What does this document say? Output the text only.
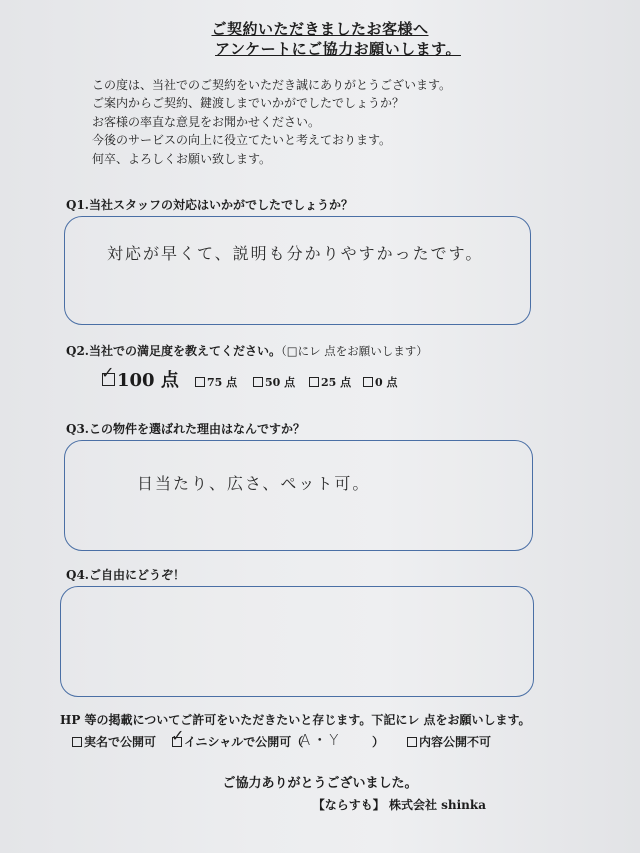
ご契約いただきましたお客様へ
アンケートにご協力お願いします。
この度は、当社でのご契約をいただき誠にありがとうございます。
ご案内からご契約、鍵渡しまでいかがでしたでしょうか？
お客様の率直な意見をお聞かせください。
今後のサービスの向上に役立てたいと考えております。
何卒、よろしくお願い致します。
Q1.当社スタッフの対応はいかがでしたでしょうか？
対応が早くて、説明も分かりやすかったです。
Q2.当社での満足度を教えてください。（□にレ 点をお願いします）
100 点
✓
75 点	50 点	25 点	0 点
Q3.この物件を選ばれた理由はなんですか？
日当たり、広さ、ペット可。
Q4.ご自由にどうぞ！
HP 等の掲載についてご許可をいただきたいと存じます。下記にレ 点をお願いします。
実名で公開可	イニシャルで公開可（
✓	A・Y	）	内容公開不可
ご協力ありがとうございました。
【ならすも】 株式会社 shinka
